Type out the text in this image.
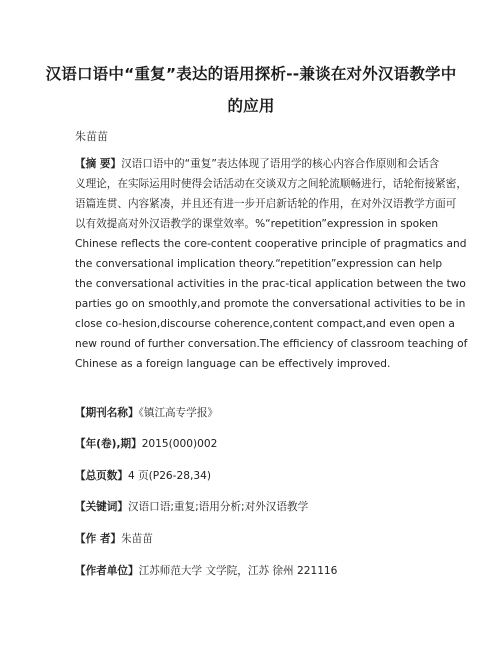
汉语口语中“重复”表达的语用探析--兼谈在对外汉语教学中
的应用
朱苗苗
【摘 要】汉语口语中的“重复”表达体现了语用学的核心内容合作原则和会话含
义理论，在实际运用时使得会话活动在交谈双方之间轮流顺畅进行，话轮衔接紧密，
语篇连贯、内容紧凑，并且还有进一步开启新话轮的作用，在对外汉语教学方面可
以有效提高对外汉语教学的课堂效率。%“repetition”expression in spoken
Chinese reflects the core-content cooperative principle of pragmatics and
the conversational implication theory.“repetition”expression can help
the conversational activities in the prac-tical application between the two
parties go on smoothly,and promote the conversational activities to be in
close co-hesion,discourse coherence,content compact,and even open a
new round of further conversation.The efficiency of classroom teaching of
Chinese as a foreign language can be effectively improved.
【期刊名称】《镇江高专学报》
【年(卷),期】2015(000)002
【总页数】4 页(P26-28,34)
【关键词】汉语口语;重复;语用分析;对外汉语教学
【作 者】朱苗苗
【作者单位】江苏师范大学 文学院，江苏 徐州 221116
